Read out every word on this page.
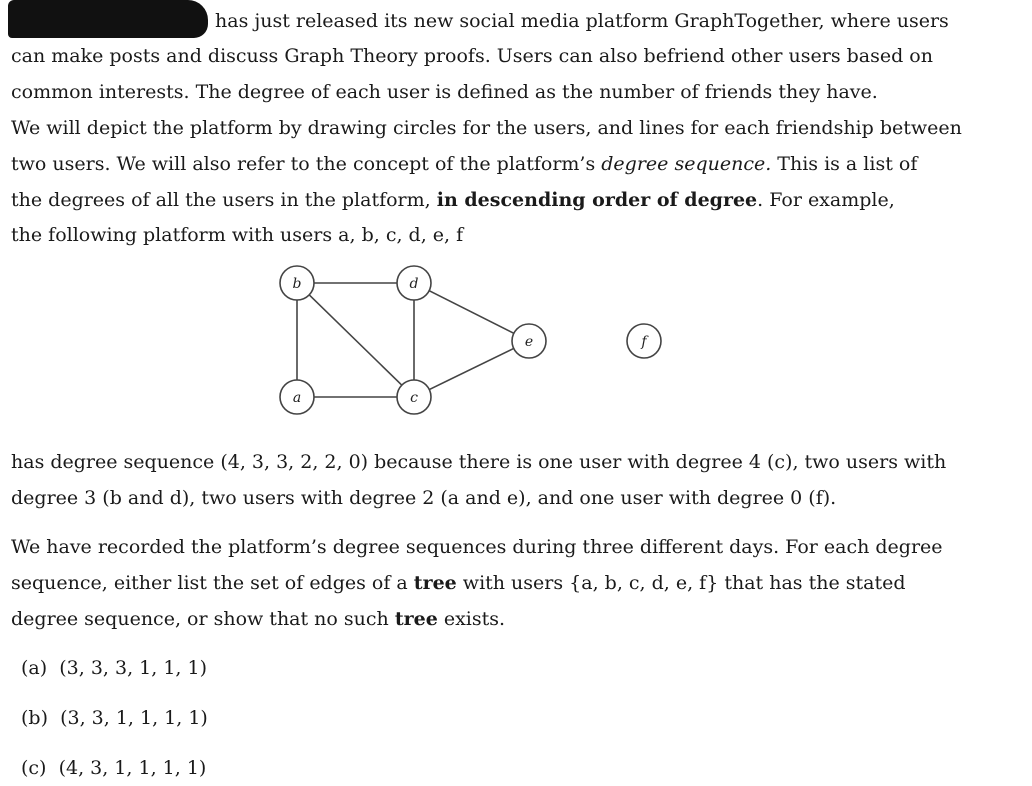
has just released its new social media platform GraphTogether, where users
can make posts and discuss Graph Theory proofs. Users can also befriend other users based on
common interests. The degree of each user is defined as the number of friends they have.
We will depict the platform by drawing circles for the users, and lines for each friendship between
two users. We will also refer to the concept of the platform’s degree sequence. This is a list of
the degrees of all the users in the platform, in descending order of degree. For example,
the following platform with users a, b, c, d, e, f
b	d
e	f
a	c
has degree sequence (4, 3, 3, 2, 2, 0) because there is one user with degree 4 (c), two users with
degree 3 (b and d), two users with degree 2 (a and e), and one user with degree 0 (f).
We have recorded the platform’s degree sequences during three different days. For each degree
sequence, either list the set of edges of a tree with users {a, b, c, d, e, f} that has the stated
degree sequence, or show that no such tree exists.
(a) (3, 3, 3, 1, 1, 1)
(b) (3, 3, 1, 1, 1, 1)
(c) (4, 3, 1, 1, 1, 1)
